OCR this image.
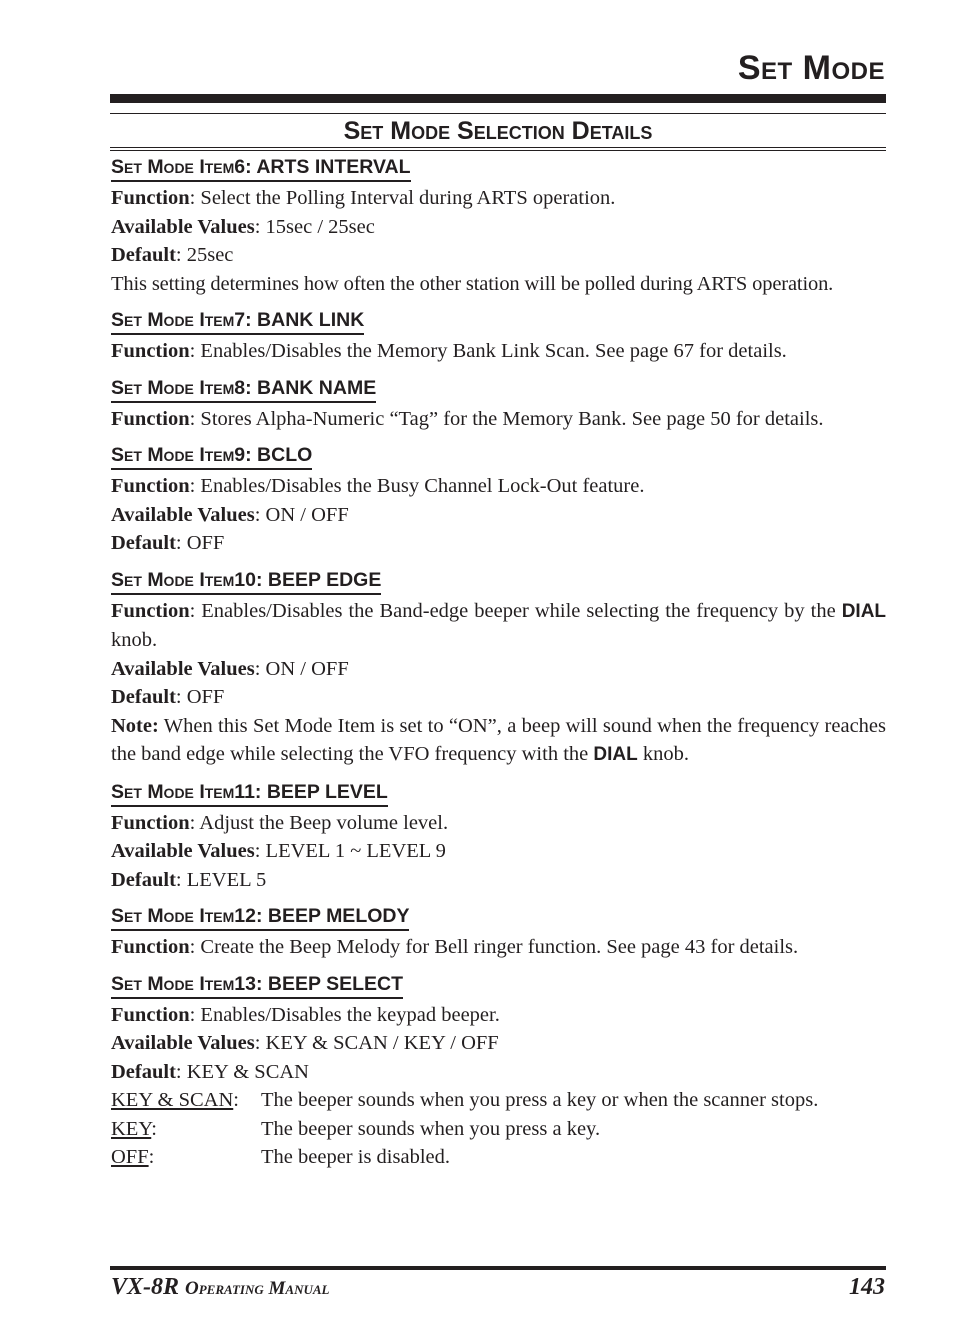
Set Mode
Set Mode Selection Details
Set Mode Item6: ARTS INTERVAL

Function: Select the Polling Interval during ARTS operation.

Available Values: 15sec / 25sec

Default: 25sec

This setting determines how often the other station will be polled during ARTS operation.

Set Mode Item7: BANK LINK

Function: Enables/Disables the Memory Bank Link Scan. See page 67 for details.

Set Mode Item8: BANK NAME

Function: Stores Alpha-Numeric “Tag” for the Memory Bank. See page 50 for details.

Set Mode Item9: BCLO

Function: Enables/Disables the Busy Channel Lock-Out feature.

Available Values: ON / OFF

Default: OFF

Set Mode Item10: BEEP EDGE

Function: Enables/Disables the Band-edge beeper while selecting the frequency by the DIAL knob.

Available Values: ON / OFF

Default: OFF

Note: When this Set Mode Item is set to “ON”, a beep will sound when the frequency reaches the band edge while selecting the VFO frequency with the DIAL knob.

Set Mode Item11: BEEP LEVEL

Function: Adjust the Beep volume level.

Available Values: LEVEL 1 ~ LEVEL 9

Default: LEVEL 5

Set Mode Item12: BEEP MELODY

Function: Create the Beep Melody for Bell ringer function. See page 43 for details.

Set Mode Item13: BEEP SELECT

Function: Enables/Disables the keypad beeper.

Available Values: KEY & SCAN / KEY / OFF

Default: KEY & SCAN

KEY & SCAN:	The beeper sounds when you press a key or when the scanner stops.
KEY:	The beeper sounds when you press a key.
OFF:	The beeper is disabled.

VX-8R Operating Manual	143
